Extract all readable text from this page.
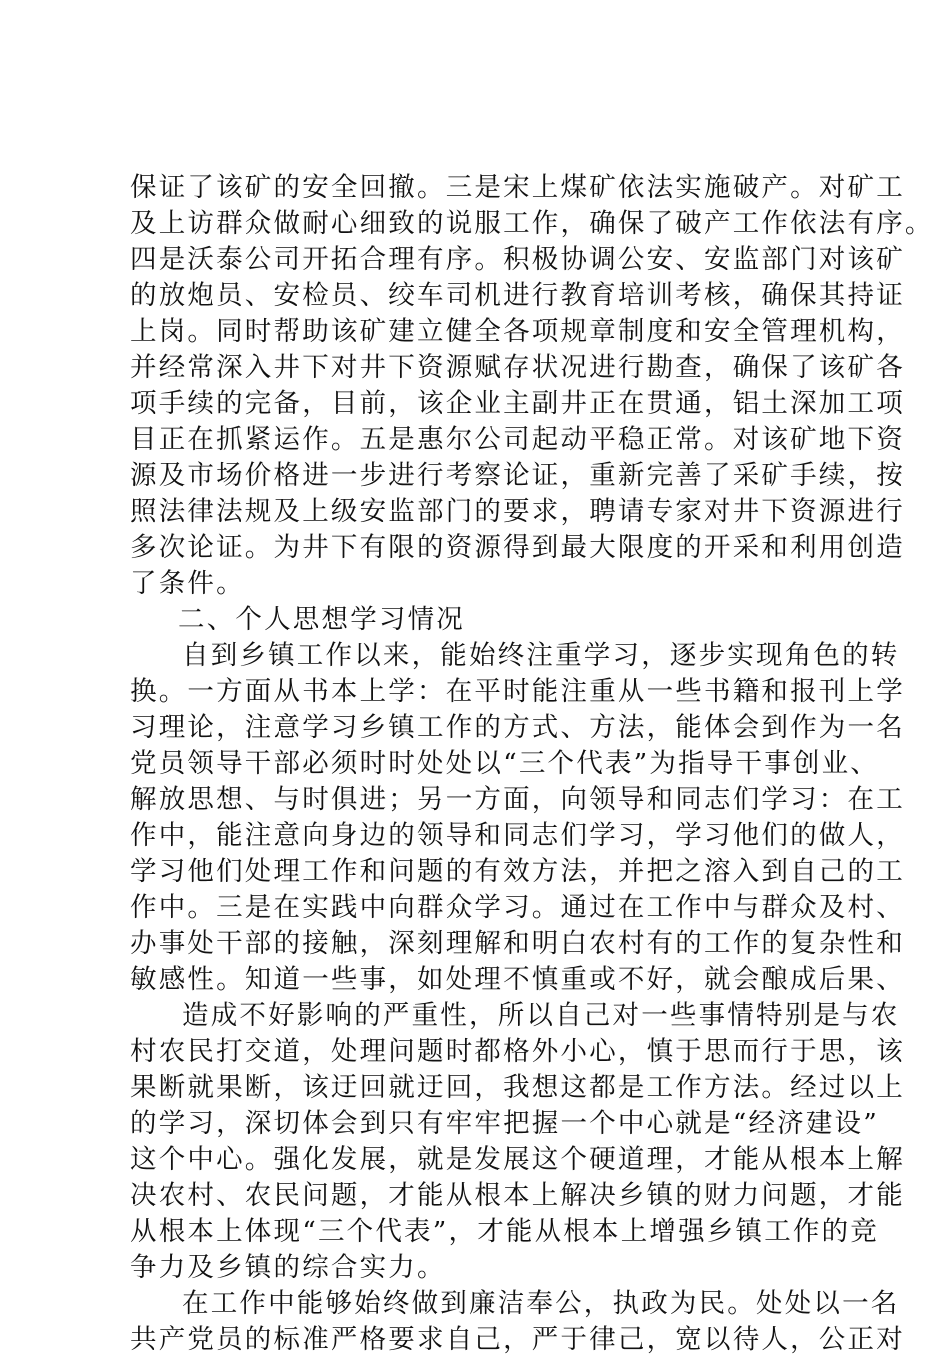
保证了该矿的安全回撤。三是宋上煤矿依法实施破产。对矿工
及上访群众做耐心细致的说服工作，确保了破产工作依法有序。
四是沃泰公司开拓合理有序。积极协调公安、安监部门对该矿
的放炮员、安检员、绞车司机进行教育培训考核，确保其持证
上岗。同时帮助该矿建立健全各项规章制度和安全管理机构，
并经常深入井下对井下资源赋存状况进行勘查，确保了该矿各
项手续的完备，目前，该企业主副井正在贯通，铝土深加工项
目正在抓紧运作。五是惠尔公司起动平稳正常。对该矿地下资
源及市场价格进一步进行考察论证，重新完善了采矿手续，按
照法律法规及上级安监部门的要求，聘请专家对井下资源进行
多次论证。为井下有限的资源得到最大限度的开采和利用创造
了条件。
二、个人思想学习情况
自到乡镇工作以来，能始终注重学习，逐步实现角色的转
换。一方面从书本上学：在平时能注重从一些书籍和报刊上学
习理论，注意学习乡镇工作的方式、方法，能体会到作为一名
党员领导干部必须时时处处以“三个代表”为指导干事创业、
解放思想、与时俱进；另一方面，向领导和同志们学习：在工
作中，能注意向身边的领导和同志们学习，学习他们的做人，
学习他们处理工作和问题的有效方法，并把之溶入到自己的工
作中。三是在实践中向群众学习。通过在工作中与群众及村、
办事处干部的接触，深刻理解和明白农村有的工作的复杂性和
敏感性。知道一些事，如处理不慎重或不好，就会酿成后果、
造成不好影响的严重性，所以自己对一些事情特别是与农
村农民打交道，处理问题时都格外小心，慎于思而行于思，该
果断就果断，该迂回就迂回，我想这都是工作方法。经过以上
的学习，深切体会到只有牢牢把握一个中心就是“经济建设”
这个中心。强化发展，就是发展这个硬道理，才能从根本上解
决农村、农民问题，才能从根本上解决乡镇的财力问题，才能
从根本上体现“三个代表”，才能从根本上增强乡镇工作的竞
争力及乡镇的综合实力。
在工作中能够始终做到廉洁奉公，执政为民。处处以一名
共产党员的标准严格要求自己，严于律己，宽以待人，公正对
